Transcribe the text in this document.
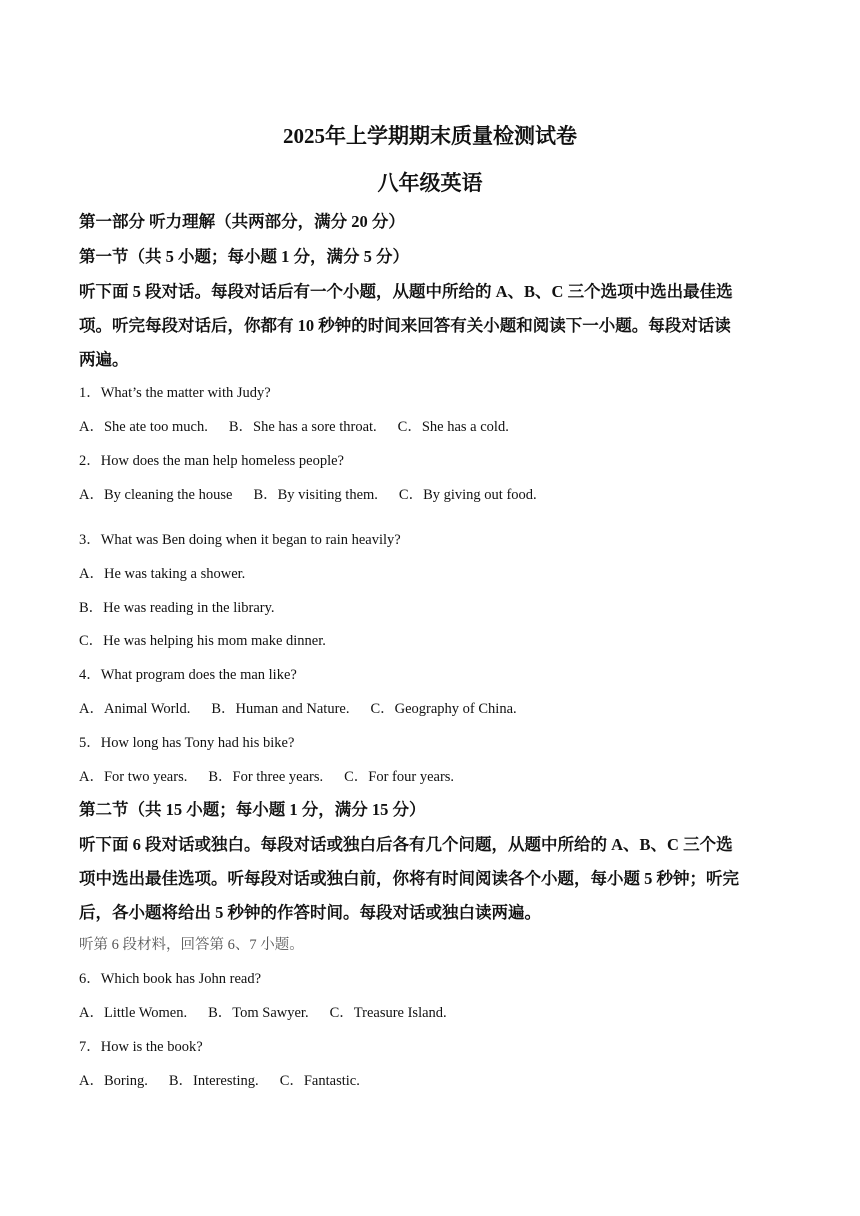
2025年上学期期末质量检测试卷
八年级英语
第一部分 听力理解（共两部分，满分 20 分）
第一节（共 5 小题；每小题 1 分，满分 5 分）
听下面 5 段对话。每段对话后有一个小题，从题中所给的 A、B、C 三个选项中选出最佳选
项。听完每段对话后，你都有 10 秒钟的时间来回答有关小题和阅读下一小题。每段对话读
两遍。
1．What’s the matter with Judy?
A．She ate too much. B．She has a sore throat. C．She has a cold.
2．How does the man help homeless people?
A．By cleaning the house B．By visiting them. C．By giving out food.
3．What was Ben doing when it began to rain heavily?
A．He was taking a shower.
B．He was reading in the library.
C．He was helping his mom make dinner.
4．What program does the man like?
A．Animal World. B．Human and Nature. C．Geography of China.
5．How long has Tony had his bike?
A．For two years. B．For three years. C．For four years.
第二节（共 15 小题；每小题 1 分，满分 15 分）
听下面 6 段对话或独白。每段对话或独白后各有几个问题，从题中所给的 A、B、C 三个选
项中选出最佳选项。听每段对话或独白前，你将有时间阅读各个小题，每小题 5 秒钟；听完
后，各小题将给出 5 秒钟的作答时间。每段对话或独白读两遍。
听第 6 段材料，回答第 6、7 小题。
6．Which book has John read?
A．Little Women. B．Tom Sawyer. C．Treasure Island.
7．How is the book?
A．Boring. B．Interesting. C．Fantastic.
